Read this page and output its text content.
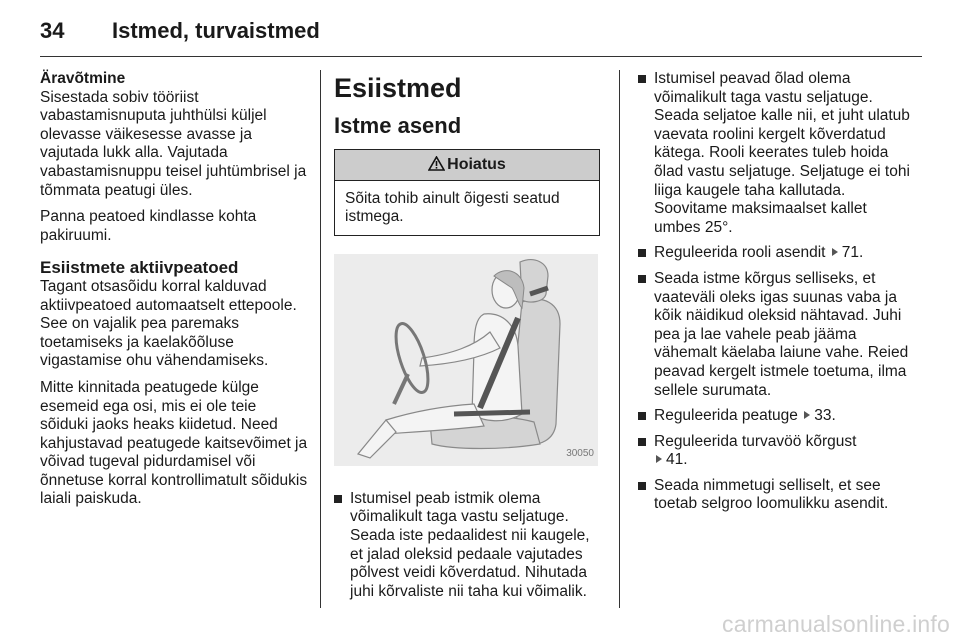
34 Istmed, turvaistmed
Äravõtmine

Sisestada sobiv tööriist vabastamisnuputa juhthülsi küljel olevasse väikesesse avasse ja vajutada lukk alla. Vajutada vabastamisnuppu teisel juhtümbrisel ja tõmmata peatugi üles.

Panna peatoed kindlasse kohta pakiruumi.

Esiistmete aktiivpeatoed

Tagant otsasõidu korral kalduvad aktiivpeatoed automaatselt ettepoole. See on vajalik pea paremaks toetamiseks ja kaelakõõluse vigastamise ohu vähendamiseks.

Mitte kinnitada peatugede külge esemeid ega osi, mis ei ole teie sõiduki jaoks heaks kiidetud. Need kahjustavad peatugede kaitsevõimet ja võivad tugeval pidurdamisel või õnnetuse korral kontrollimatult sõidukis laiali paiskuda.

Esiistmed
Istme asend
Hoiatus
Sõita tohib ainult õigesti seatud istmega.
30050
Istumisel peab istmik olema võimalikult taga vastu seljatuge. Seada iste pedaalidest nii kaugele, et jalad oleksid pedaale vajutades põlvest veidi kõverdatud. Nihutada juhi kõrvaliste nii taha kui võimalik.
Istumisel peavad õlad olema võimalikult taga vastu seljatuge. Seada seljatoe kalle nii, et juht ulatub vaevata roolini kergelt kõverdatud kätega. Rooli keerates tuleb hoida õlad vastu seljatuge. Seljatuge ei tohi liiga kaugele taha kallutada. Soovitame maksimaalset kallet umbes 25°.
Reguleerida rooli asendit 71.
Seada istme kõrgus selliseks, et vaateväli oleks igas suunas vaba ja kõik näidikud oleksid nähtavad. Juhi pea ja lae vahele peab jääma vähemalt käelaba laiune vahe. Reied peavad kergelt istmele toetuma, ilma sellele surumata.
Reguleerida peatuge 33.
Reguleerida turvavöö kõrgust
41.
Seada nimmetugi selliselt, et see toetab selgroo loomulikku asendit.
carmanualsonline.info
